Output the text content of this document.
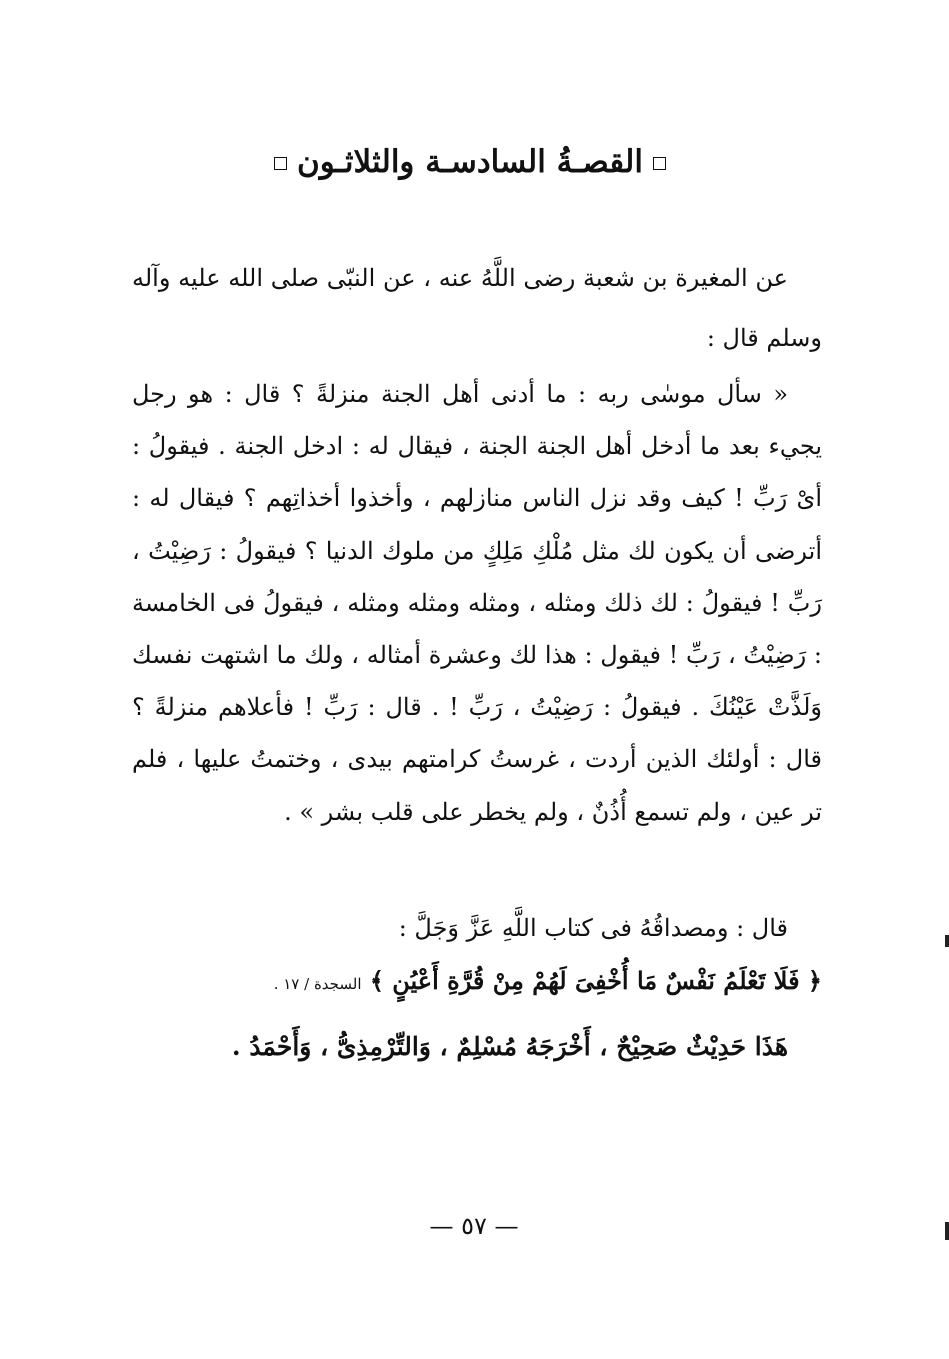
القصـةُ السادسـة والثلاثـون
عن المغيرة بن شعبة رضى اللَّهُ عنه ، عن النبّى صلى الله عليه وآله وسلم قال :
« سأل موسٰى ربه : ما أدنى أهل الجنة منزلةً ؟ قال : هو رجل يجيء بعد ما أدخل أهل الجنة الجنة ، فيقال له : ادخل الجنة . فيقولُ : أىْ رَبِّ ! كيف وقد نزل الناس منازلهم ، وأخذوا أخذاتِهم ؟ فيقال له : أترضى أن يكون لك مثل مُلْكِ مَلِكٍ من ملوك الدنيا ؟ فيقولُ : رَضِيْتُ ، رَبِّ ! فيقولُ : لك ذلك ومثله ، ومثله ومثله ومثله ، فيقولُ فى الخامسة : رَضِيْتُ ، رَبِّ ! فيقول : هذا لك وعشرة أمثاله ، ولك ما اشتهت نفسك وَلَذَّتْ عَيْنُكَ . فيقولُ : رَضِيْتُ ، رَبِّ ! . قال : رَبِّ ! فأعلاهم منزلةً ؟ قال : أولئك الذين أردت ، غرستُ كرامتهم بيدى ، وختمتُ عليها ، فلم تر عين ، ولم تسمع أُذُنٌ ، ولم يخطر على قلب بشر » .
قال : ومصداقُهُ فى كتاب اللَّهِ عَزَّ وَجَلَّ :
﴿ فَلَا تَعْلَمُ نَفْسٌ مَا أُخْفِىَ لَهُمْ مِنْ قُرَّةِ أَعْيُنٍ ﴾ السجدة / ١٧ .
هَذَا حَدِيْثٌ صَحِيْحٌ ، أَخْرَجَهُ مُسْلِمٌ ، وَالتِّرْمِذِىُّ ، وَأَحْمَدُ .
— ٥٧ —
